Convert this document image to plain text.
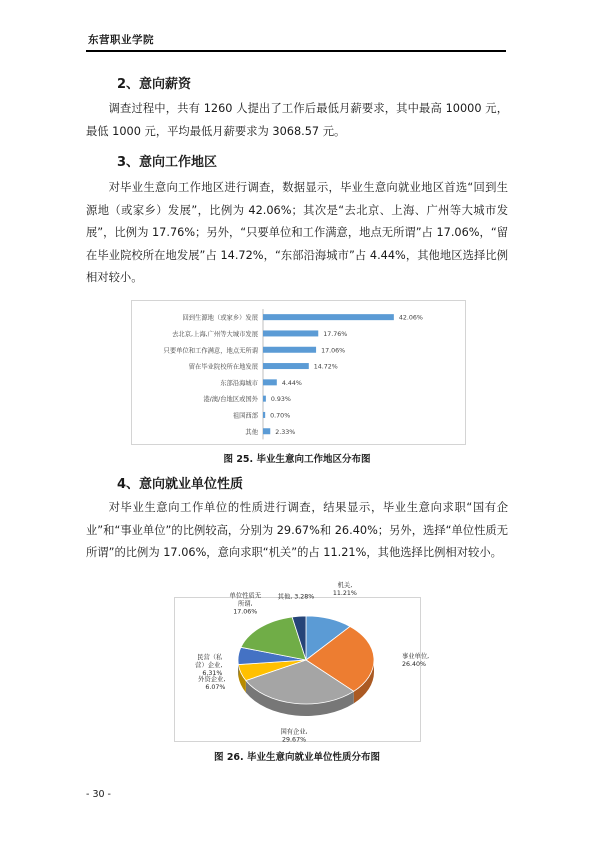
东营职业学院
2、意向薪资

调查过程中，共有 1260 人提出了工作后最低月薪要求，其中最高 10000 元，最低 1000 元，平均最低月薪要求为 3068.57 元。

3、意向工作地区

对毕业生意向工作地区进行调查，数据显示，毕业生意向就业地区首选“回到生源地（或家乡）发展”，比例为 42.06%；其次是“去北京、上海、广州等大城市发展”，比例为 17.76%；另外，“只要单位和工作满意，地点无所谓”占 17.06%，“留在毕业院校所在地发展”占 14.72%，“东部沿海城市”占 4.44%，其他地区选择比例相对较小。

回到生源地（或家乡）发展	42.06%
去北京,上海,广州等大城市发展	17.76%
只要单位和工作满意，地点无所谓	17.06%
留在毕业院校所在地发展	14.72%
东部沿海城市	4.44%
港/澳/台地区或国外 0.93%
祖国西部 0.70%
其他	2.33%
图 25. 毕业生意向工作地区分布图
4、意向就业单位性质

对毕业生意向工作单位的性质进行调查，结果显示，毕业生意向求职“国有企业”和“事业单位”的比例较高，分别为 29.67%和 26.40%；另外，选择“单位性质无所谓”的比例为 17.06%，意向求职“机关”的占 11.21%，其他选择比例相对较小。

机关, 11.21%
事业单位, 26.40%
国有企业, 29.67%
外资企业, 6.07%
民营（私营）企业, 6.31%
单位性质无所谓, 17.06%
其他, 3.28%
图 26. 毕业生意向就业单位性质分布图
- 30 -
